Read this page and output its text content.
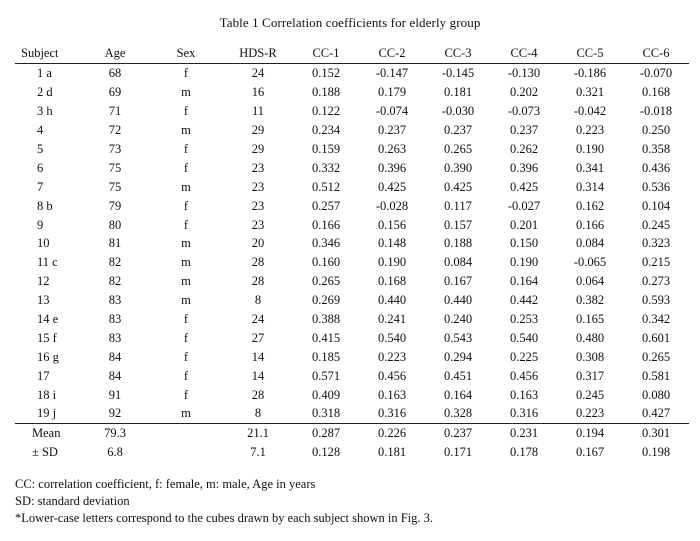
Table 1 Correlation coefficients for elderly group
Subject	Age	Sex	HDS-R	CC-1	CC-2	CC-3	CC-4	CC-5	CC-6
1 a	68	f	24	0.152	-0.147	-0.145	-0.130	-0.186	-0.070
2 d	69	m	16	0.188	0.179	0.181	0.202	0.321	0.168
3 h	71	f	11	0.122	-0.074	-0.030	-0.073	-0.042	-0.018
4	72	m	29	0.234	0.237	0.237	0.237	0.223	0.250
5	73	f	29	0.159	0.263	0.265	0.262	0.190	0.358
6	75	f	23	0.332	0.396	0.390	0.396	0.341	0.436
7	75	m	23	0.512	0.425	0.425	0.425	0.314	0.536
8 b	79	f	23	0.257	-0.028	0.117	-0.027	0.162	0.104
9	80	f	23	0.166	0.156	0.157	0.201	0.166	0.245
10	81	m	20	0.346	0.148	0.188	0.150	0.084	0.323
11 c	82	m	28	0.160	0.190	0.084	0.190	-0.065	0.215
12	82	m	28	0.265	0.168	0.167	0.164	0.064	0.273
13	83	m	8	0.269	0.440	0.440	0.442	0.382	0.593
14 e	83	f	24	0.388	0.241	0.240	0.253	0.165	0.342
15 f	83	f	27	0.415	0.540	0.543	0.540	0.480	0.601
16 g	84	f	14	0.185	0.223	0.294	0.225	0.308	0.265
17	84	f	14	0.571	0.456	0.451	0.456	0.317	0.581
18 i	91	f	28	0.409	0.163	0.164	0.163	0.245	0.080
19 j	92	m	8	0.318	0.316	0.328	0.316	0.223	0.427
Mean	79.3		21.1	0.287	0.226	0.237	0.231	0.194	0.301
± SD	6.8		7.1	0.128	0.181	0.171	0.178	0.167	0.198
CC: correlation coefficient, f: female, m: male, Age in years
SD: standard deviation
*Lower-case letters correspond to the cubes drawn by each subject shown in Fig. 3.
